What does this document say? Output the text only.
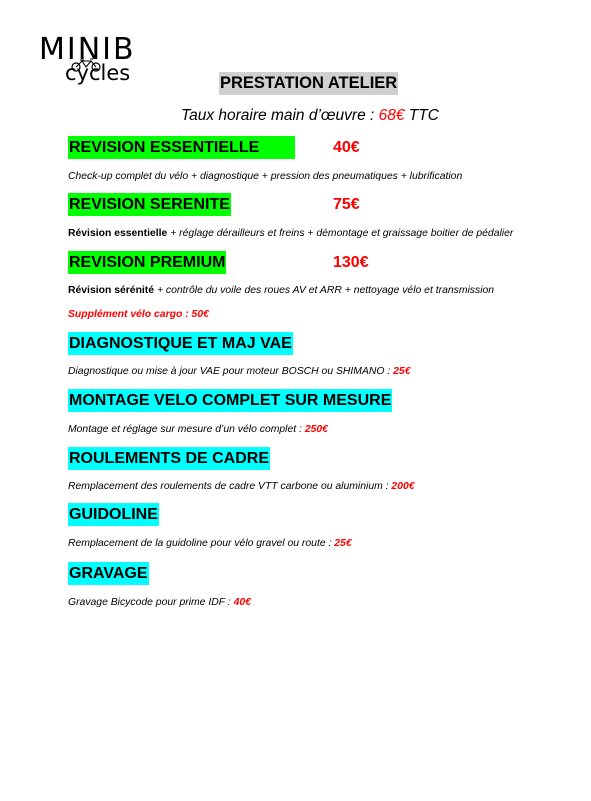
MINIB
cycles	PRESTATION ATELIER
Taux horaire main d’œuvre : 68€ TTC
REVISION ESSENTIELLE	40€
Check-up complet du vélo + diagnostique + pression des pneumatiques + lubrification
REVISION SERENITE	75€
Révision essentielle + réglage dérailleurs et freins + démontage et graissage boitier de pédalier
REVISION PREMIUM	130€
Révision sérénité + contrôle du voile des roues AV et ARR + nettoyage vélo et transmission
Supplément vélo cargo : 50€
DIAGNOSTIQUE ET MAJ VAE
Diagnostique ou mise à jour VAE pour moteur BOSCH ou SHIMANO : 25€
MONTAGE VELO COMPLET SUR MESURE
Montage et réglage sur mesure d’un vélo complet : 250€
ROULEMENTS DE CADRE
Remplacement des roulements de cadre VTT carbone ou aluminium : 200€
GUIDOLINE
Remplacement de la guidoline pour vélo gravel ou route : 25€
GRAVAGE
Gravage Bicycode pour prime IDF : 40€
